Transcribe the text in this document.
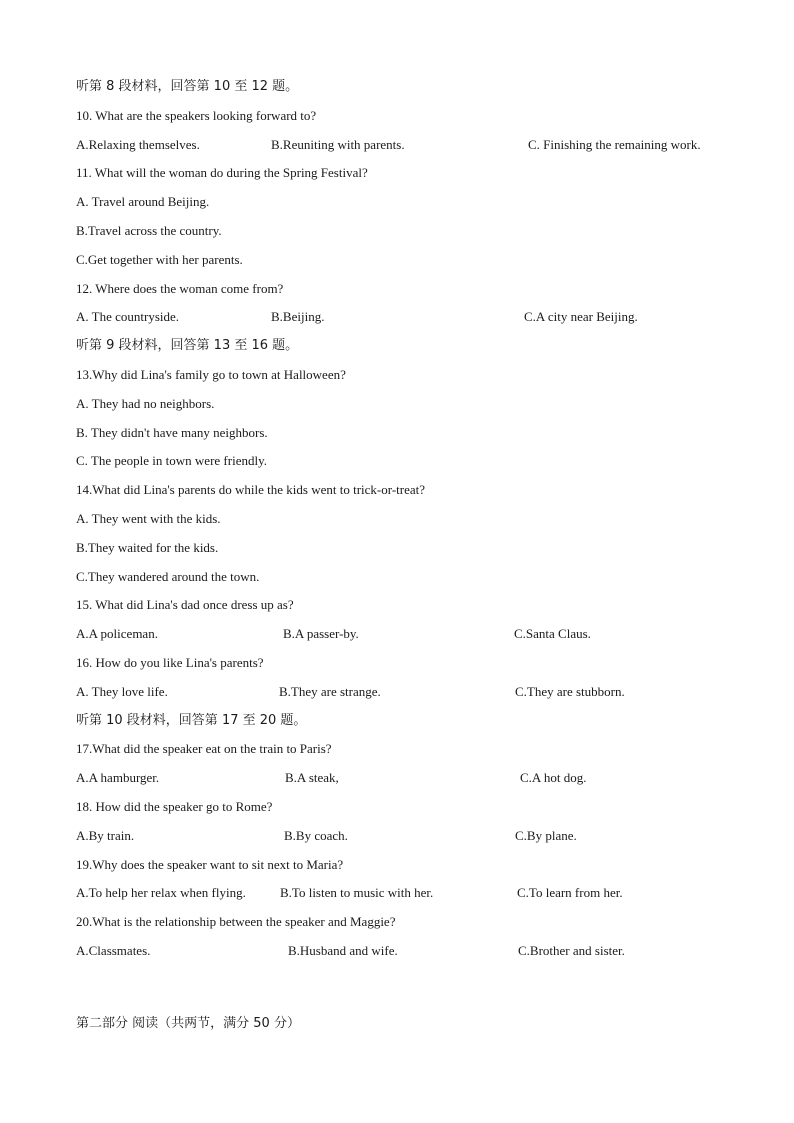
听第 8 段材料，回答第 10 至 12 题。
10. What are the speakers looking forward to?
A.Relaxing themselves.	B.Reuniting with parents.	C. Finishing the remaining work.
11. What will the woman do during the Spring Festival?
A. Travel around Beijing.
B.Travel across the country.
C.Get together with her parents.
12. Where does the woman come from?
A. The countryside.	B.Beijing.	C.A city near Beijing.
听第 9 段材料，回答第 13 至 16 题。
13.Why did Lina's family go to town at Halloween?
A. They had no neighbors.
B. They didn't have many neighbors.
C. The people in town were friendly.
14.What did Lina's parents do while the kids went to trick-or-treat?
A. They went with the kids.
B.They waited for the kids.
C.They wandered around the town.
15. What did Lina's dad once dress up as?
A.A policeman.	B.A passer-by.	C.Santa Claus.
16. How do you like Lina's parents?
A. They love life.	B.They are strange.	C.They are stubborn.
听第 10 段材料，回答第 17 至 20 题。
17.What did the speaker eat on the train to Paris?
A.A hamburger.	B.A steak,	C.A hot dog.
18. How did the speaker go to Rome?
A.By train.	B.By coach.	C.By plane.
19.Why does the speaker want to sit next to Maria?
A.To help her relax when flying.	B.To listen to music with her.	C.To learn from her.
20.What is the relationship between the speaker and Maggie?
A.Classmates.	B.Husband and wife.	C.Brother and sister.
第二部分 阅读（共两节，满分 50 分）
